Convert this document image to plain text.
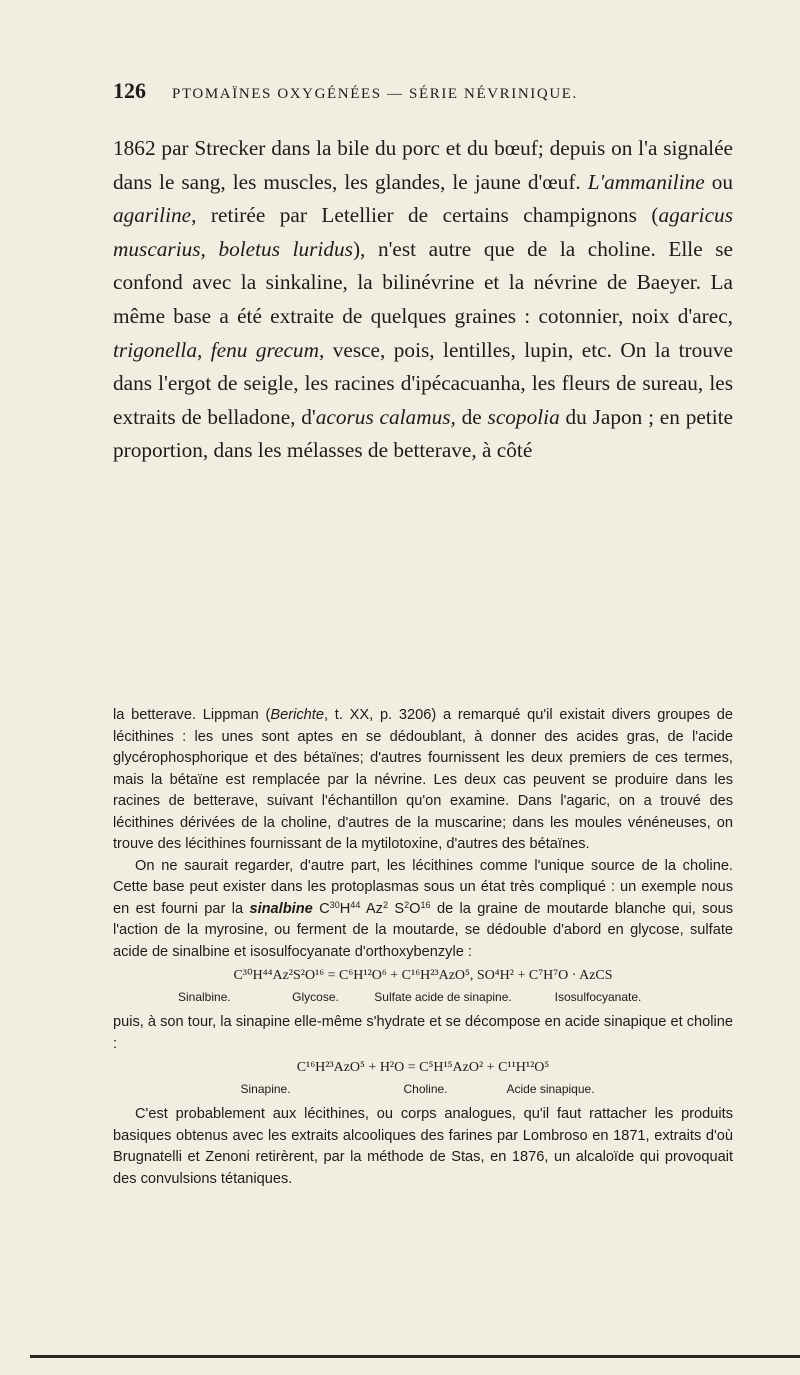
126 PTOMAÏNES OXYGÉNÉES — SÉRIE NÉVRINIQUE.

1862 par Strecker dans la bile du porc et du bœuf; depuis on l'a signalée dans le sang, les muscles, les glandes, le jaune d'œuf. L'ammaniline ou agariline, retirée par Letellier de certains champignons (agaricus muscarius, boletus luridus), n'est autre que de la choline. Elle se confond avec la sinkaline, la bilinévrine et la névrine de Baeyer. La même base a été extraite de quelques graines : cotonnier, noix d'arec, trigonella, fenu grecum, vesce, pois, lentilles, lupin, etc. On la trouve dans l'ergot de seigle, les racines d'ipécacuanha, les fleurs de sureau, les extraits de belladone, d'acorus calamus, de scopolia du Japon ; en petite proportion, dans les mélasses de betterave, à côté

la betterave. Lippman (Berichte, t. XX, p. 3206) a remarqué qu'il existait divers groupes de lécithines : les unes sont aptes en se dédoublant, à donner des acides gras, de l'acide glycérophosphorique et des bétaïnes; d'autres fournissent les deux premiers de ces termes, mais la bétaïne est remplacée par la névrine. Les deux cas peuvent se produire dans les racines de betterave, suivant l'échantillon qu'on examine. Dans l'agaric, on a trouvé des lécithines dérivées de la choline, d'autres de la muscarine; dans les moules vénéneuses, on trouve des lécithines fournissant de la mytilotoxine, d'autres des bétaïnes.

On ne saurait regarder, d'autre part, les lécithines comme l'unique source de la choline. Cette base peut exister dans les protoplasmas sous un état très compliqué : un exemple nous en est fourni par la sinalbine $C^{30}H^{44}$ Az$^2$ $S^2O^{16}$ de la graine de moutarde blanche qui, sous l'action de la myrosine, ou ferment de la moutarde, se dédouble d'abord en glycose, sulfate acide de sinalbine et isosulfocyanate d'orthoxybenzyle :

C³⁰H⁴⁴Az²S²O¹⁶ = C⁶H¹²O⁶ + C¹⁶H²³AzO⁵, SO⁴H² + C⁷H⁷O · AzCS
Sinalbine.	Glycose.	Sulfate acide de sinapine.	Isosulfocyanate.

puis, à son tour, la sinapine elle-même s'hydrate et se décompose en acide sinapique et choline :

C¹⁶H²³AzO⁵ + H²O = C⁵H¹⁵AzO² + C¹¹H¹²O⁵
Sinapine.	Choline.	Acide sinapique.

C'est probablement aux lécithines, ou corps analogues, qu'il faut rattacher les produits basiques obtenus avec les extraits alcooliques des farines par Lombroso en 1871, extraits d'où Brugnatelli et Zenoni retirèrent, par la méthode de Stas, en 1876, un alcaloïde qui provoquait des convulsions tétaniques.
